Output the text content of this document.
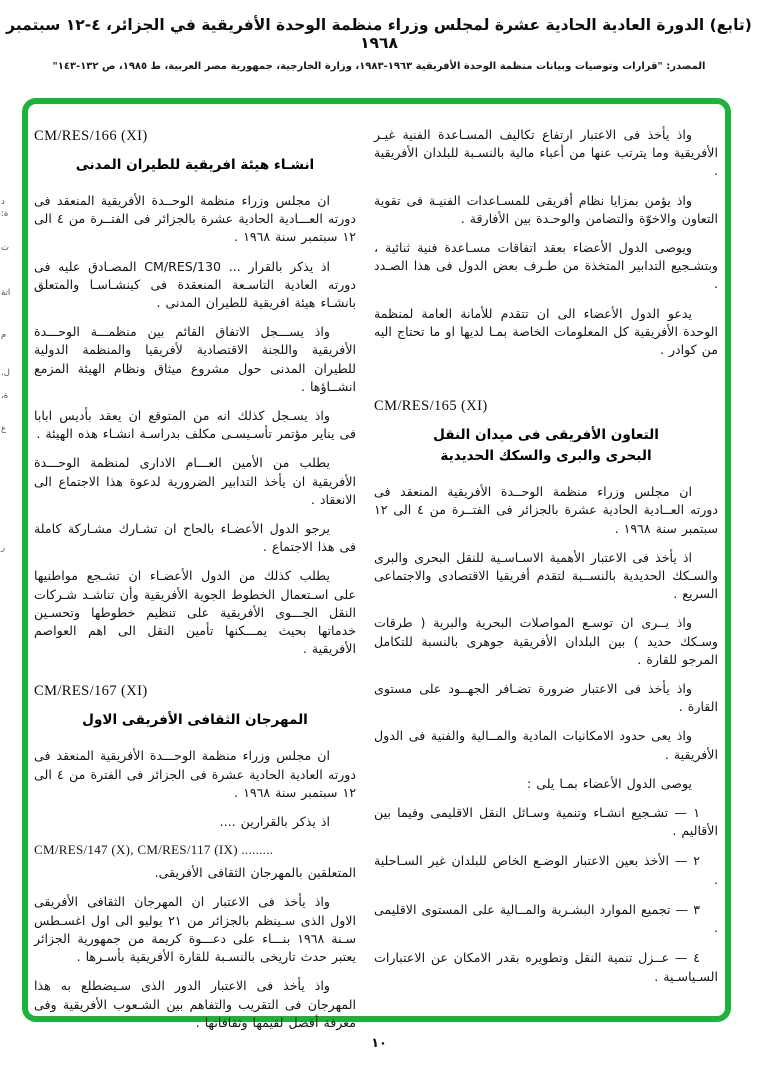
(تابع) الدورة العادية الحادية عشرة لمجلس وزراء منظمة الوحدة الأفريقية في الجزائر، ٤-١٢ سبتمبر ١٩٦٨
المصدر: "قرارات وتوصيات وبيانات منظمة الوحدة الأفريقية ١٩٦٣-١٩٨٣، وزارة الخارجية، جمهورية مصر العربية، ط ١٩٨٥، ص ١٣٢-١٤٣"
د
ة:
ت
اتة
م
ل.
ة،
ع
ر
واذ يأخذ فى الاعتبار ارتفاع تكاليف المسـاعدة الفنية غيـر الأفريقية وما يترتب عنها من أعباء مالية بالنسـبة للبلدان الأفريقية .
واذ يؤمن بمزايا نظام أفريقى للمسـاعدات الفنيـة فى تقوية التعاون والاخوّة والتضامن والوحـدة بين الأفارقة .
ويوصى الدول الأعضاء بعقد اتفاقات مسـاعدة فنية ثنائية ، وبتشـجيع التدابير المتخذة من طـرف بعض الدول فى هذا الصـدد .
يدعو الدول الأعضاء الى ان تتقدم للأمانة العامة لمنظمة الوحدة الأفريقية كل المعلومات الخاصة بمـا لديها او ما تحتاج اليه من كوادر .
CM/RES/165 (XI)
التعاون الأفريقى فى ميدان النقل
البحرى والبرى والسكك الحديدية
ان مجلس وزراء منظمة الوحــدة الأفريقية المنعقد فى دورته العــادية الحادية عشرة بالجزائر فى الفتــرة من ٤ الى ١٢ سبتمبر سنة ١٩٦٨ .
اذ يأخذ فى الاعتبار الأهمية الاسـاسـية للنقل البحرى والبرى والسـكك الحديدية بالنســبة لتقدم أفريقيا الاقتصادى والاجتماعى السريع .
واذ يــرى ان توسـع المواصلات البحرية والبرية ( طرقات وسـكك حديد ) بين البلدان الأفريقية جوهرى بالنسبة للتكامل المرجو للقارة .
واذ يأخذ فى الاعتبار ضرورة تضـافر الجهــود على مستوى القارة .
واذ يعى حدود الامكانيات المادية والمــالية والفنية فى الدول الأفريقية .
يوصى الدول الأعضاء بمـا يلى :
١ — تشـجيع انشـاء وتنمية وسـائل النقل الاقليمى وفيما بين الأقاليم .
٢ — الأخذ بعين الاعتبار الوضـع الخاص للبلدان غير السـاحلية .
٣ — تجميع الموارد البشـرية والمــالية على المستوى الاقليمى .
٤ — عــزل تنمية النقل وتطويره بقدر الامكان عن الاعتبارات السـياسـية .
CM/RES/166 (XI)
انشـاء هيئة افريقية للطيران المدنى
ان مجلس وزراء منظمة الوحــدة الأفريقية المنعقد فى دورته العـــادية الحادية عشرة بالجزائر فى الفتــرة من ٤ الى ١٢ سبتمبر سنة ١٩٦٨ .
اذ يذكر بالقرار ... CM/RES/130 المصـادق عليه فى دورته العادية التاسـعة المنعقدة فى كينشـاسـا والمتعلق بانشـاء هيئة افريقية للطيران المدنى .
واذ يســـجل الاتفاق القائم بين منظمـــة الوحـــدة الأفريقية واللجنة الاقتصادية لأفريقيا والمنظمة الدولية للطيران المدنى حول مشروع ميثاق ونظام الهيئة المزمع انشــاؤها .
واذ يسـجل كذلك انه من المتوقع ان يعقد بأديس ابابا فى يناير مؤتمر تأسـيسـى مكلف بدراسـة انشـاء هذه الهيئة .
يطلب من الأمين العـــام الادارى لمنظمة الوحـــدة الأفريقية ان يأخذ التدابير الضرورية لدعوة هذا الاجتماع الى الانعقاد .
يرجو الدول الأعضـاء بالحاح ان تشـارك مشـاركة كاملة فى هذا الاجتماع .
يطلب كذلك من الدول الأعضـاء ان تشـجع مواطنيها على اسـتعمال الخطوط الجوية الأفريقية وأن تناشـد شـركات النقل الجـــوى الأفريقية على تنظيم خطوطها وتحسـين خدماتها بحيث يمـــكنها تأمين النقل الى اهم العواصم الأفريقية .
CM/RES/167 (XI)
المهرجان الثقافى الأفريقى الاول
ان مجلس وزراء منظمة الوحـــدة الأفريقية المنعقد فى دورته العادية الحادية عشرة فى الجزائر فى الفترة من ٤ الى ١٢ سبتمبر سنة ١٩٦٨ .
اذ يذكر بالقرارين ....
CM/RES/147 (X), CM/RES/117 (IX) .........
المتعلقين بالمهرجان الثقافى الأفريقى.
واذ يأخذ فى الاعتبار ان المهرجان الثقافى الأفريقى الاول الذى سـينظم بالجزائر من ٢١ يوليو الى اول اغسـطس سـنة ١٩٦٨ بنـــاء على دعـــوة كريمة من جمهورية الجزائر يعتبر حدث تاريخى بالنسـبة للقارة الأفريقية بأسـرها .
واذ يأخذ فى الاعتبار الدور الذى سـيضطلع به هذا المهرجان فى التقريب والتفاهم بين الشـعوب الأفريقية وفى معرفة أفضل لقيمها وثقافاتها .
١٠
